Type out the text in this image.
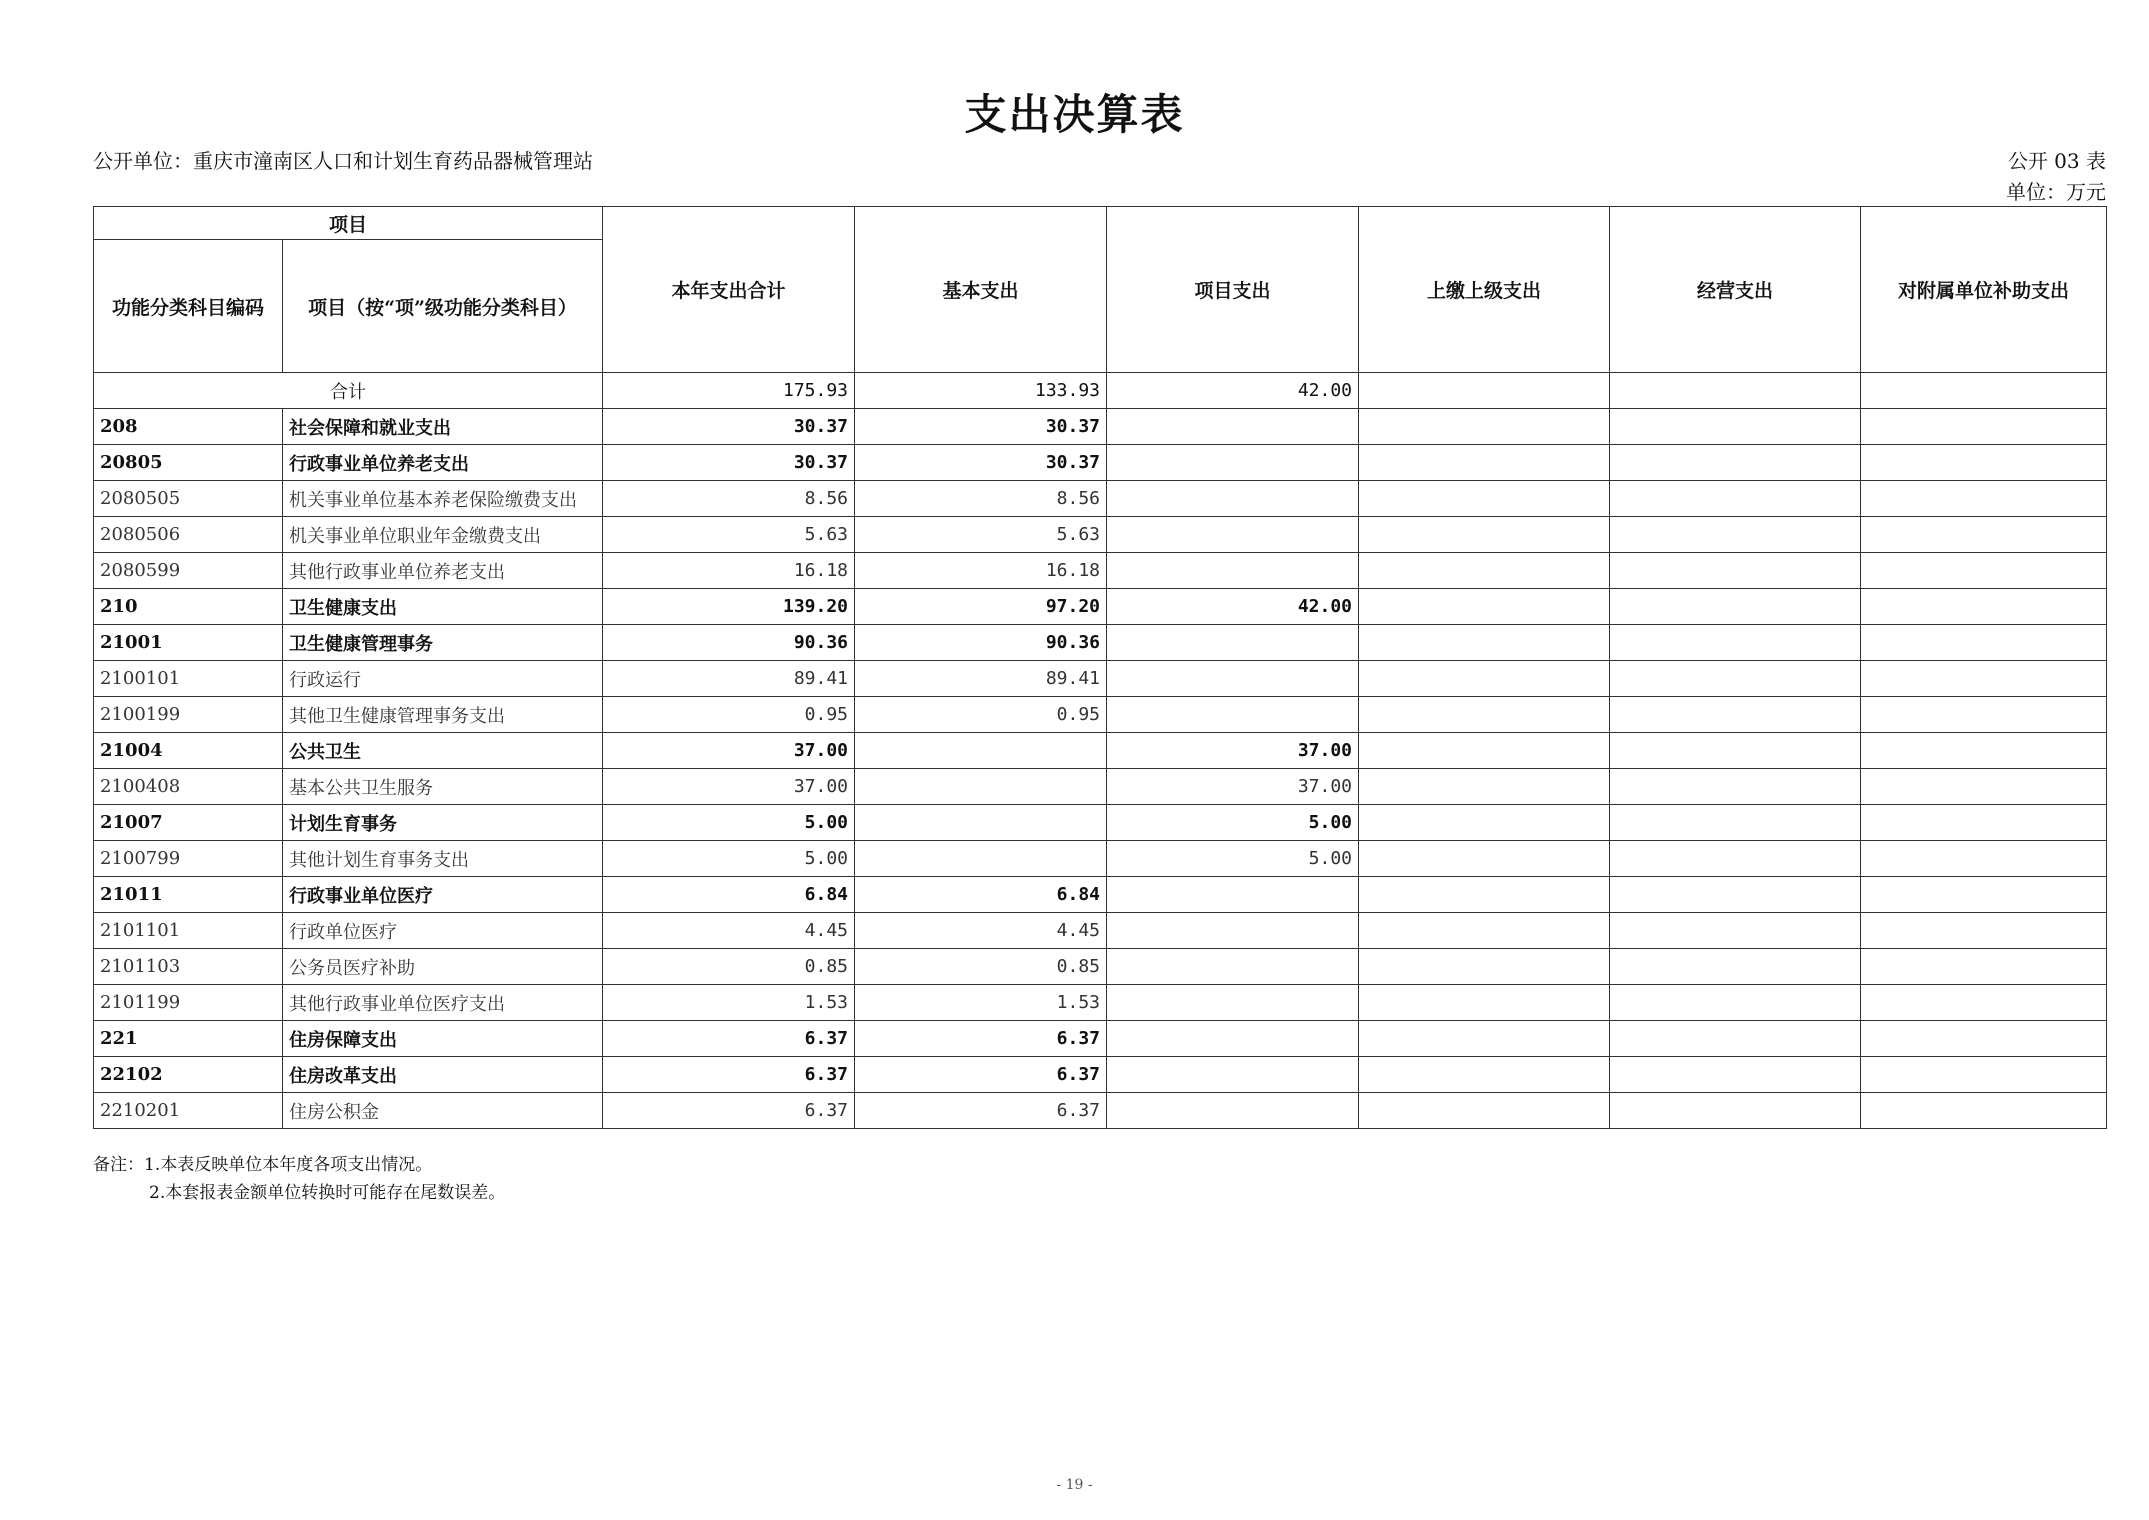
支出决算表
公开单位：重庆市潼南区人口和计划生育药品器械管理站	公开 03 表
单位：万元
项目		本年支出合计	基本支出	项目支出	上缴上级支出	经营支出	对附属单位补助支出
功能分类科目编码	项目（按“项”级功能分类科目）						
合计		175.93	133.93	42.00			
208	社会保障和就业支出	30.37	30.37				
20805	行政事业单位养老支出	30.37	30.37				
2080505	机关事业单位基本养老保险缴费支出	8.56	8.56				
2080506	机关事业单位职业年金缴费支出	5.63	5.63				
2080599	其他行政事业单位养老支出	16.18	16.18				
210	卫生健康支出	139.20	97.20	42.00			
21001	卫生健康管理事务	90.36	90.36				
2100101	行政运行	89.41	89.41				
2100199	其他卫生健康管理事务支出	0.95	0.95				
21004	公共卫生	37.00		37.00			
2100408	基本公共卫生服务	37.00		37.00			
21007	计划生育事务	5.00		5.00			
2100799	其他计划生育事务支出	5.00		5.00			
21011	行政事业单位医疗	6.84	6.84				
2101101	行政单位医疗	4.45	4.45				
2101103	公务员医疗补助	0.85	0.85				
2101199	其他行政事业单位医疗支出	1.53	1.53				
221	住房保障支出	6.37	6.37				
22102	住房改革支出	6.37	6.37				
2210201	住房公积金	6.37	6.37				
备注：1.本表反映单位本年度各项支出情况。
2.本套报表金额单位转换时可能存在尾数误差。
- 19 -
